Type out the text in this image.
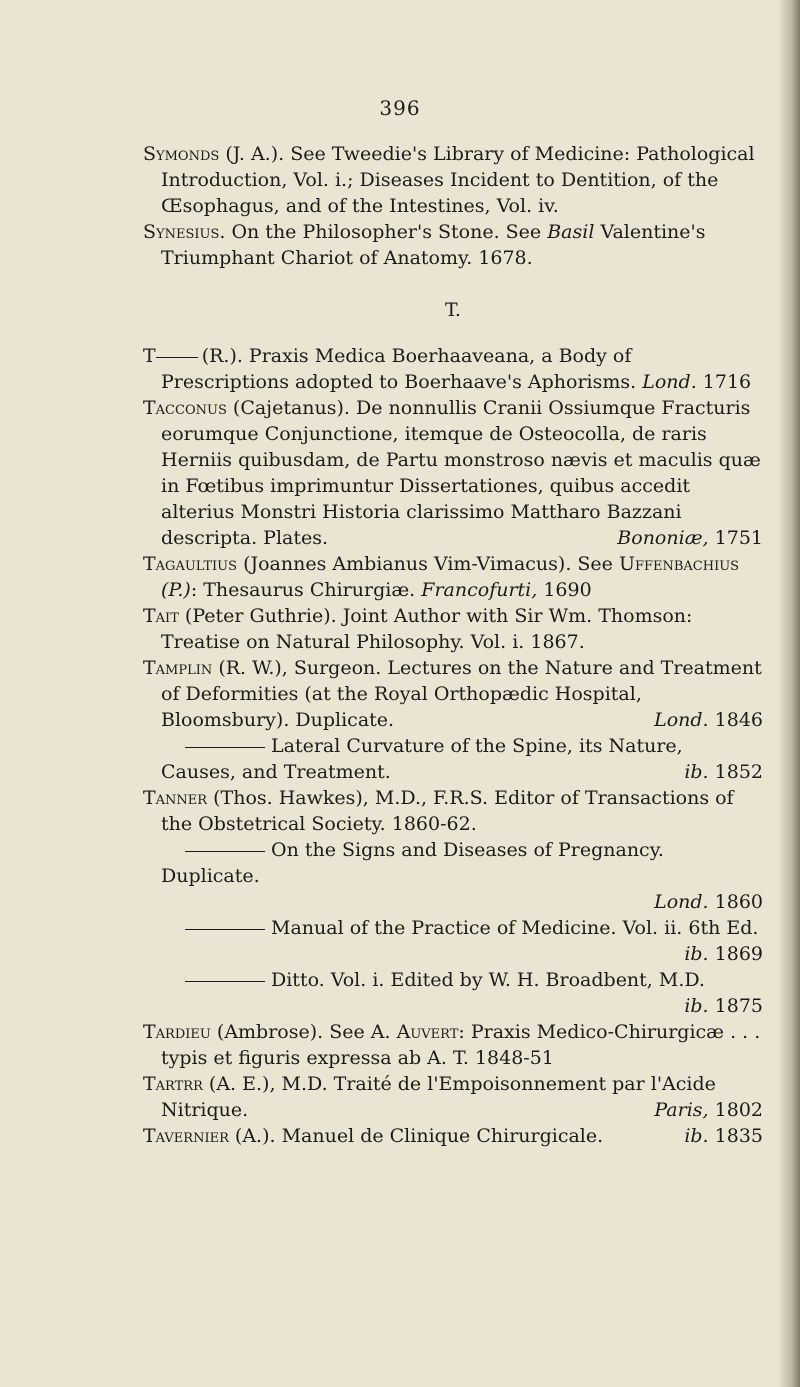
396

Symonds (J. A.). See Tweedie's Library of Medicine: Pathological Introduction, Vol. i.; Diseases Incident to Dentition, of the Œsophagus, and of the Intestines, Vol. iv.

Synesius. On the Philosopher's Stone. See Basil Valentine's Triumphant Chariot of Anatomy. 1678.

T.

T (R.). Praxis Medica Boerhaaveana, a Body of Prescriptions adopted to Boerhaave's Aphorisms. Lond. 1716

Tacconus (Cajetanus). De nonnullis Cranii Ossiumque Fracturis eorumque Conjunctione, itemque de Osteocolla, de raris Herniis quibusdam, de Partu monstroso nævis et maculis quæ in Fœtibus imprimuntur Dissertationes, quibus accedit alterius Monstri Historia clarissimo Mattharo Bazzani descripta. Plates.	Bononiæ, 1751

Tagaultius (Joannes Ambianus Vim-Vimacus). See Uffenbachius (P.): Thesaurus Chirurgiæ. Francofurti, 1690

Tait (Peter Guthrie). Joint Author with Sir Wm. Thomson: Treatise on Natural Philosophy. Vol. i. 1867.

Tamplin (R. W.), Surgeon. Lectures on the Nature and Treatment of Deformities (at the Royal Orthopædic Hospital, Bloomsbury). Duplicate.	Lond. 1846

Lateral Curvature of the Spine, its Nature, Causes, and Treatment.	ib. 1852

Tanner (Thos. Hawkes), M.D., F.R.S. Editor of Transactions of the Obstetrical Society. 1860-62.

On the Signs and Diseases of Pregnancy. Duplicate.
Lond. 1860

Manual of the Practice of Medicine. Vol. ii. 6th Ed.
ib. 1869

Ditto. Vol. i. Edited by W. H. Broadbent, M.D.
ib. 1875

Tardieu (Ambrose). See A. Auvert: Praxis Medico-Chirurgicæ . . . typis et figuris expressa ab A. T. 1848-51

Tartrr (A. E.), M.D. Traité de l'Empoisonnement par l'Acide Nitrique.	Paris, 1802

Tavernier (A.). Manuel de Clinique Chirurgicale.	ib. 1835
